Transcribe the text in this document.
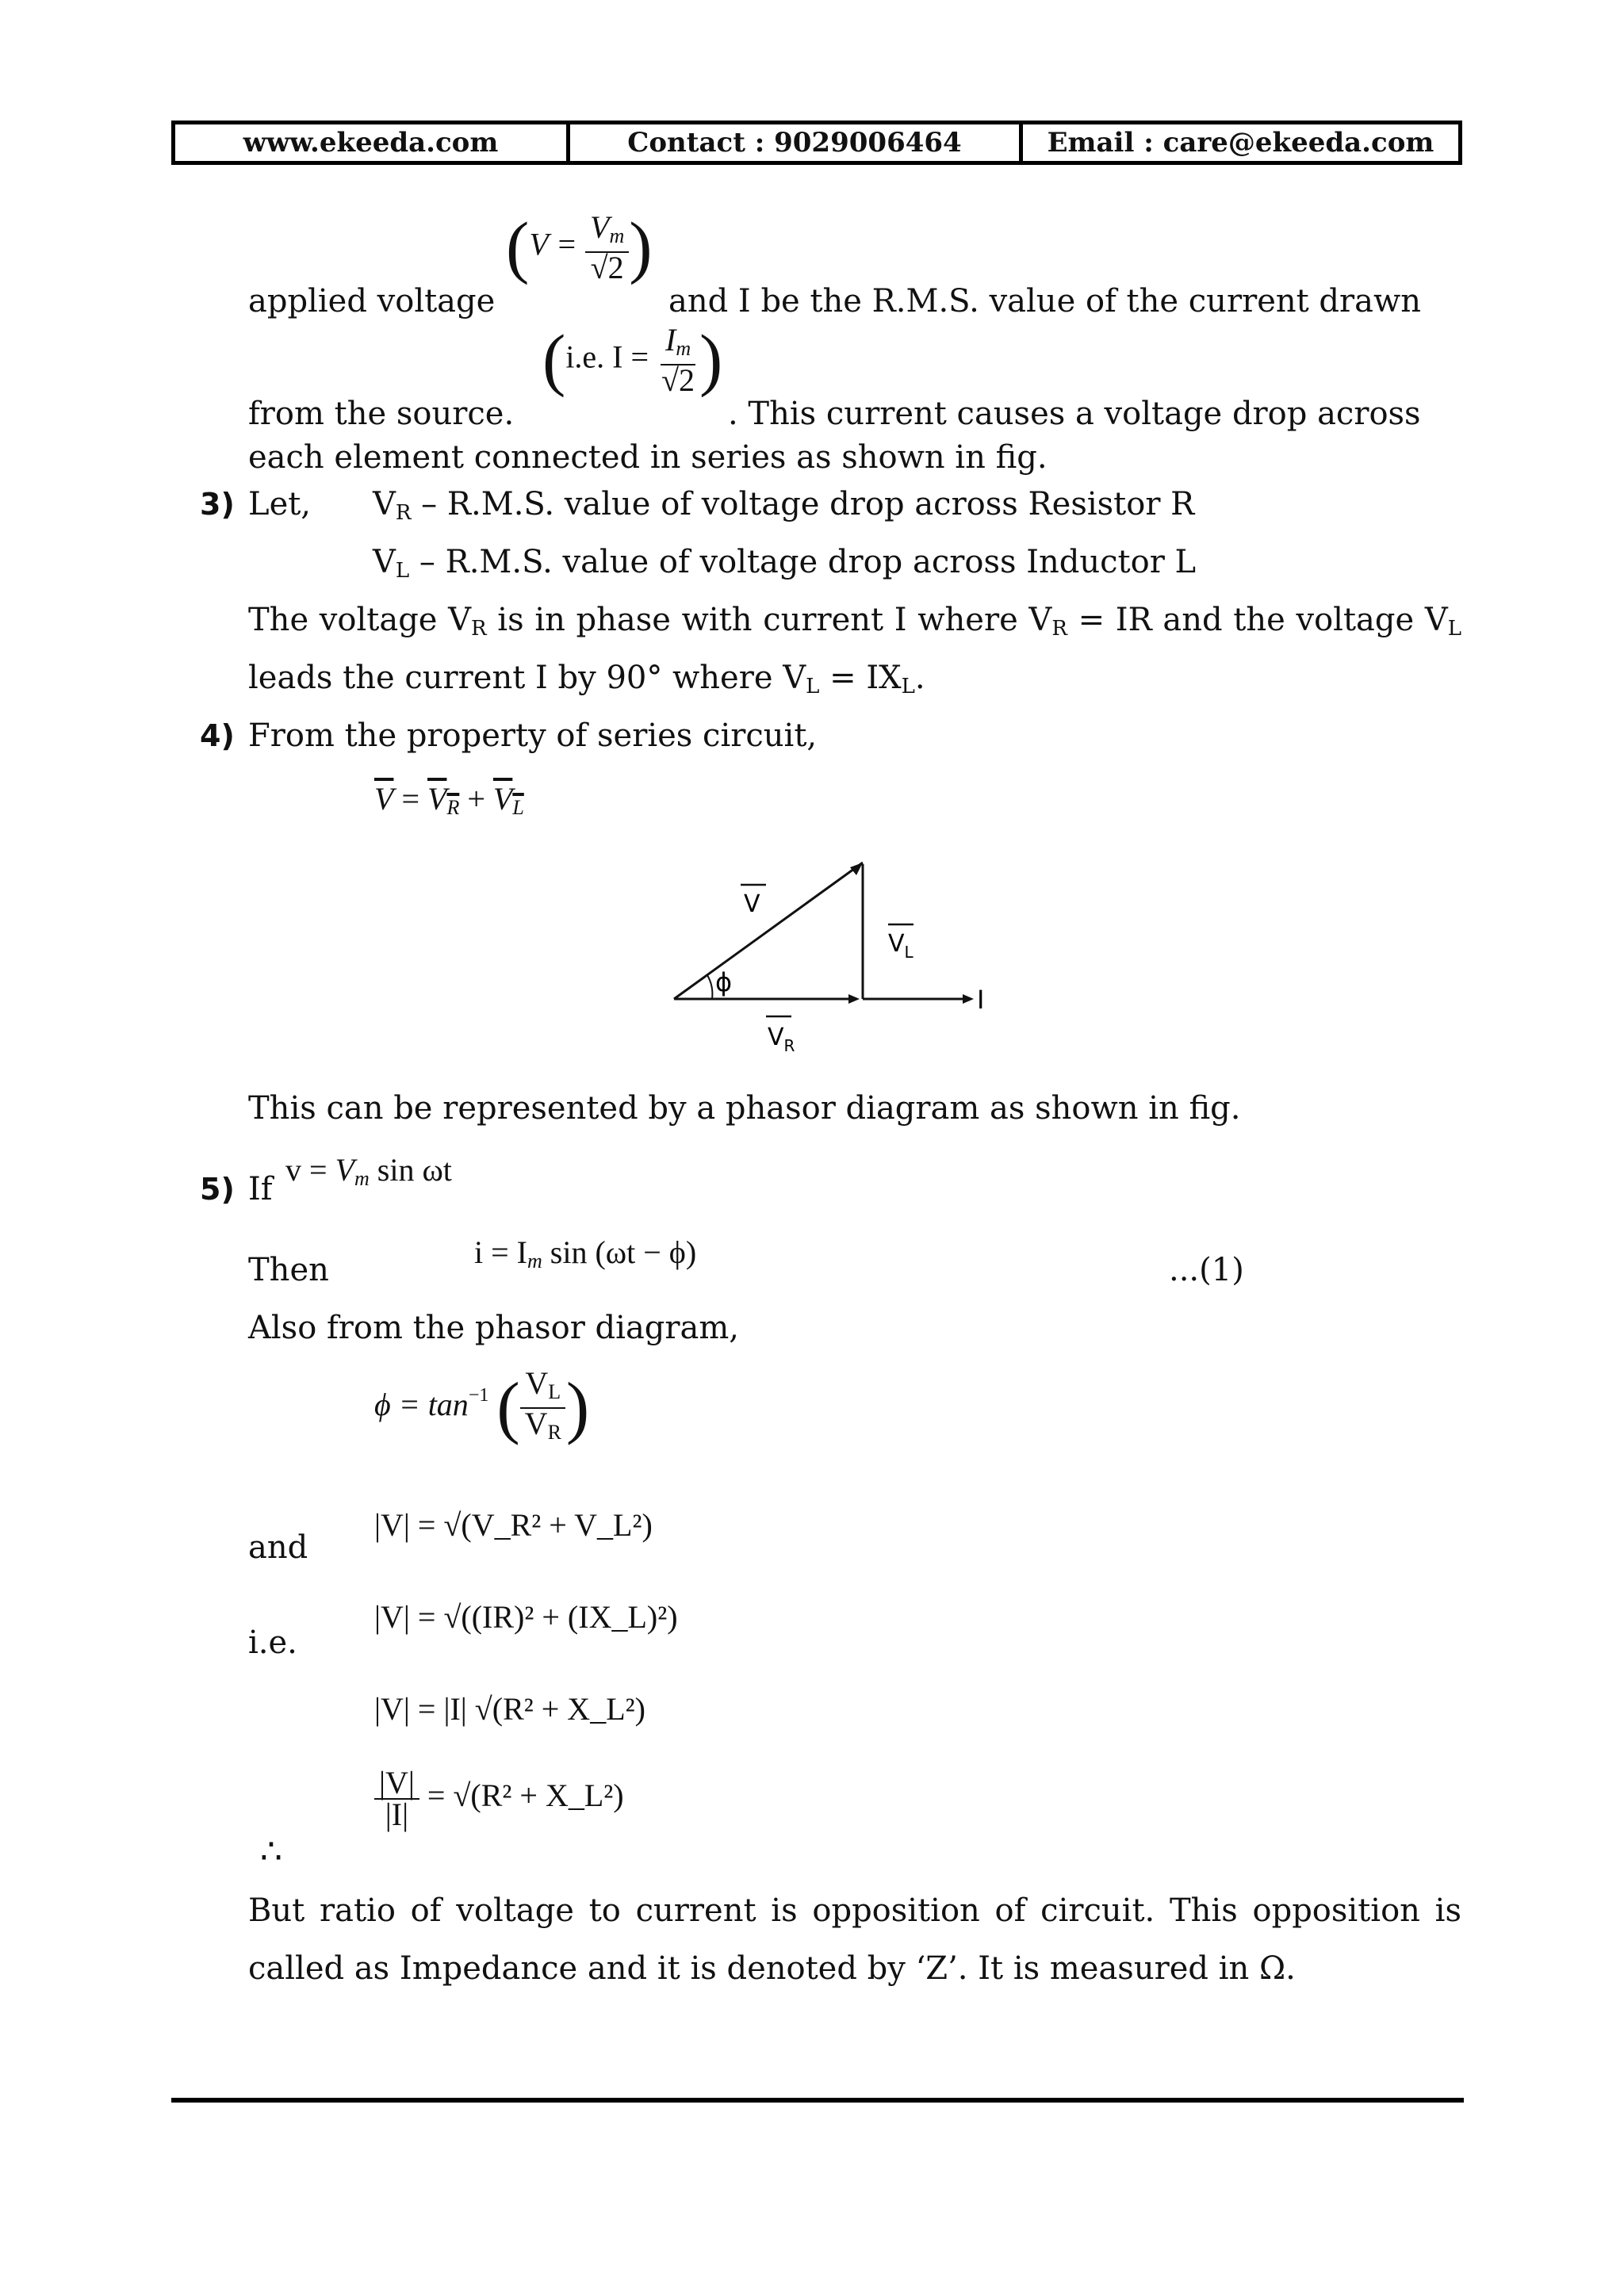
www.ekeeda.com	Contact : 9029006464	Email : care@ekeeda.com
applied voltage
($V = \frac{V_m}{√2}$ )
and I be the R.M.S. value of the current drawn
from the source.
(i.e. $I = \frac{I_m}{√2}$ )
. This current causes a voltage drop across
each element connected in series as shown in fig.
3) Let, $V_R - R.M.S$. value of voltage drop across Resistor R
$V_L - R.M.S$. value of voltage drop across Inductor L
The voltage $V_R$ is in phase with current I where $V_R$ = IR and the voltage $V_L$
leads the current I by 90° where $V_L = IX_L$.
4) From the property of series circuit,
$\overline{V} = V_R + V_L$
V
$V_L$
$V_R$
ϕ
I
This can be represented by a phasor diagram as shown in fig.
5) If
$v = V_m$ sin ωt
Then	$i = I_m$ sin (ωt − ϕ)	...(1)
Also from the phasor diagram,
$\phi = \tan^{-1}$ ( $\frac{V_L}{V_R}$ )
and
|V| = √(V_R² + V_L²)
i.e.
|V| = √((IR)² + (IX_L)²)
|V| = |I| √(R² + X_L²)
∴
$\frac{|V|}{|I|} = √(R^2$ + X_L²)
But ratio of voltage to current is opposition of circuit. This opposition is
called as Impedance and it is denoted by ‘Z’. It is measured in Ω.
